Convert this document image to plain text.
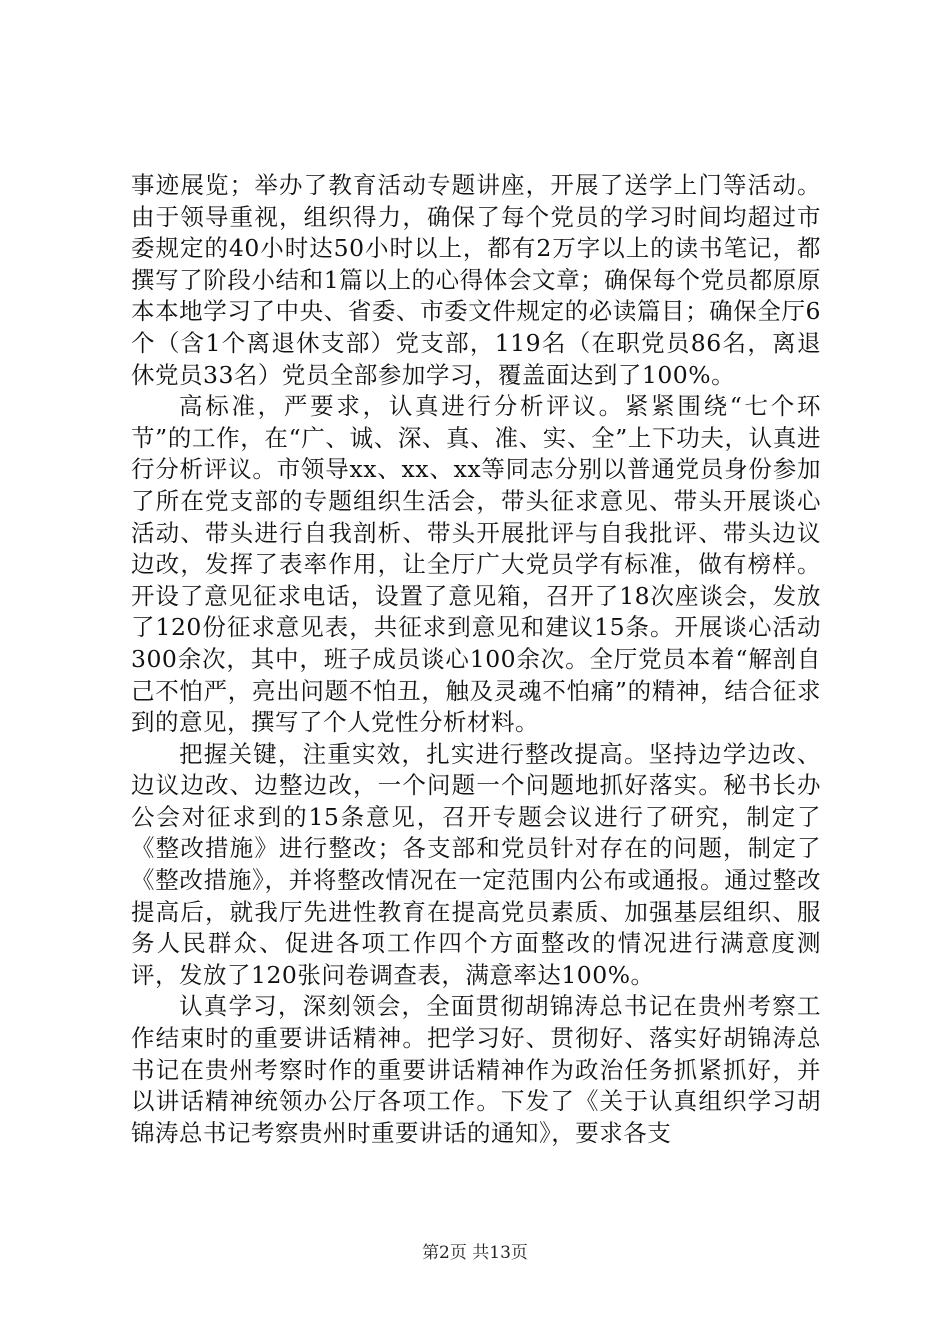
事迹展览；举办了教育活动专题讲座，开展了送学上门等活动。由于领导重视，组织得力，确保了每个党员的学习时间均超过市委规定的40小时达50小时以上，都有2万字以上的读书笔记，都撰写了阶段小结和1篇以上的心得体会文章；确保每个党员都原原本本地学习了中央、省委、市委文件规定的必读篇目；确保全厅6个（含1个离退休支部）党支部，119名（在职党员86名，离退休党员33名）党员全部参加学习，覆盖面达到了100%。

高标准，严要求，认真进行分析评议。紧紧围绕“七个环节”的工作，在“广、诚、深、真、准、实、全”上下功夫，认真进行分析评议。市领导xx、xx、xx等同志分别以普通党员身份参加了所在党支部的专题组织生活会，带头征求意见、带头开展谈心活动、带头进行自我剖析、带头开展批评与自我批评、带头边议边改，发挥了表率作用，让全厅广大党员学有标准，做有榜样。开设了意见征求电话，设置了意见箱，召开了18次座谈会，发放了120份征求意见表，共征求到意见和建议15条。开展谈心活动300余次，其中，班子成员谈心100余次。全厅党员本着“解剖自己不怕严，亮出问题不怕丑，触及灵魂不怕痛”的精神，结合征求到的意见，撰写了个人党性分析材料。

把握关键，注重实效，扎实进行整改提高。坚持边学边改、边议边改、边整边改，一个问题一个问题地抓好落实。秘书长办公会对征求到的15条意见，召开专题会议进行了研究，制定了《整改措施》进行整改；各支部和党员针对存在的问题，制定了《整改措施》，并将整改情况在一定范围内公布或通报。通过整改提高后，就我厅先进性教育在提高党员素质、加强基层组织、服务人民群众、促进各项工作四个方面整改的情况进行满意度测评，发放了120张问卷调查表，满意率达100%。

认真学习，深刻领会，全面贯彻胡锦涛总书记在贵州考察工作结束时的重要讲话精神。把学习好、贯彻好、落实好胡锦涛总书记在贵州考察时作的重要讲话精神作为政治任务抓紧抓好，并以讲话精神统领办公厅各项工作。下发了《关于认真组织学习胡锦涛总书记考察贵州时重要讲话的通知》，要求各支

第2页 共13页
